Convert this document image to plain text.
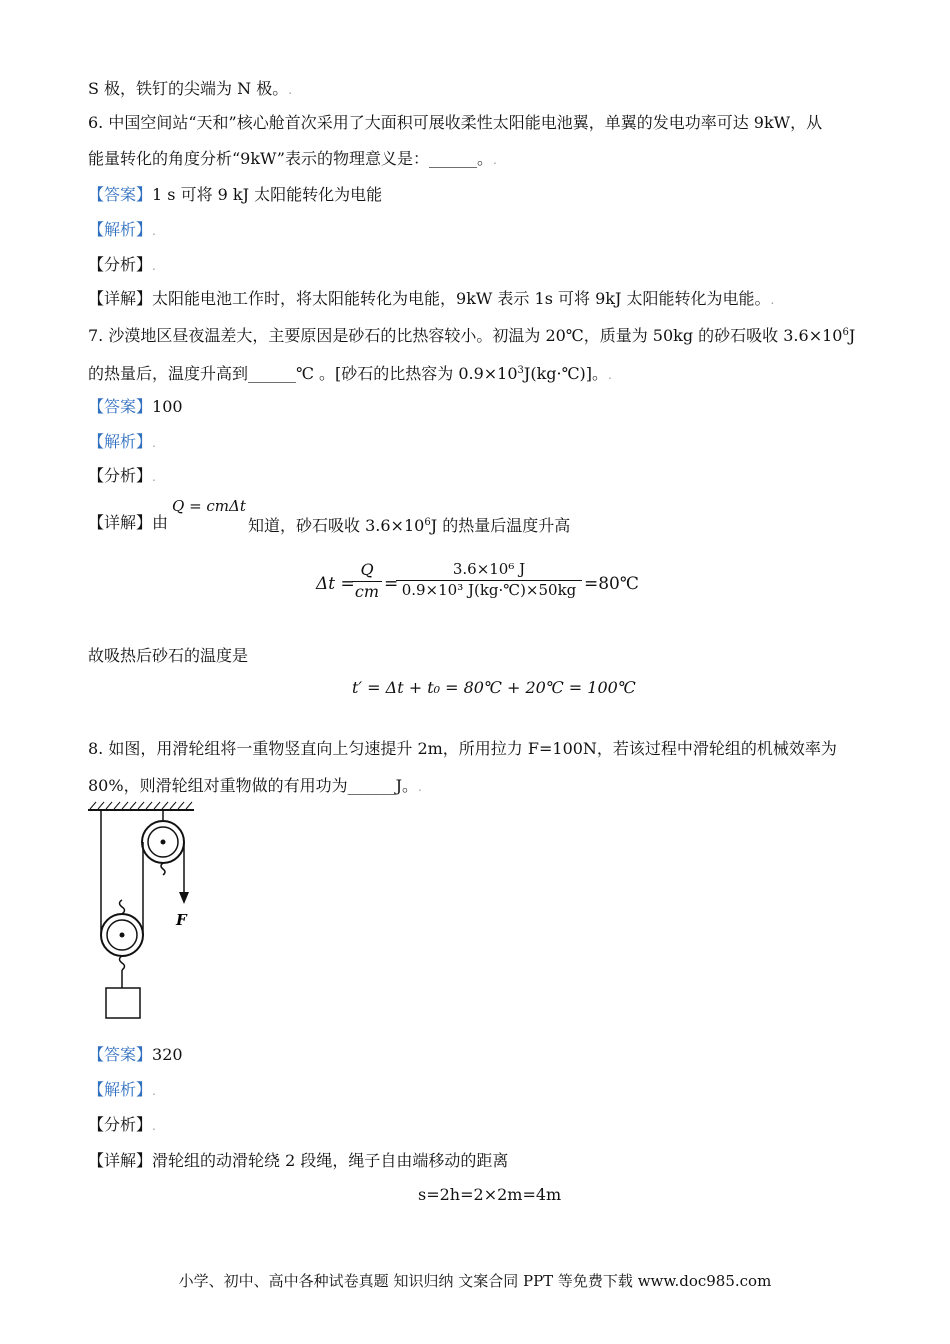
S 极，铁钉的尖端为 N 极。.
6. 中国空间站“天和”核心舱首次采用了大面积可展收柔性太阳能电池翼，单翼的发电功率可达 9kW，从
能量转化的角度分析“9kW”表示的物理意义是：______。.
【答案】1 s 可将 9 kJ 太阳能转化为电能
【解析】.
【分析】.
【详解】太阳能电池工作时，将太阳能转化为电能，9kW 表示 1s 可将 9kJ 太阳能转化为电能。.
7. 沙漠地区昼夜温差大，主要原因是砂石的比热容较小。初温为 20℃，质量为 50kg 的砂石吸收 $3.6\times 10^6J$
的热量后，温度升高到______℃ 。[砂石的比热容为 $0.9\times 10^3J(kg\cdot℃)$]。.
【答案】100
【解析】.
【分析】.
【详解】由
Q = cmΔt
知道，砂石吸收 $3.6\times 10^6J$ 的热量后温度升高
Δt =
$\frac{Q}{cm}$ =
$\frac{\text{3.6×10⁶ J}}{\text{0.9×10³ J(kg·℃)×50kg}}$ =80℃
故吸热后砂石的温度是
t′ = Δt + t₀ = 80℃ + 20℃ = 100℃
8. 如图，用滑轮组将一重物竖直向上匀速提升 2m，所用拉力 F=100N，若该过程中滑轮组的机械效率为
80%，则滑轮组对重物做的有用功为______J。.
F
【答案】320
【解析】.
【分析】.
【详解】滑轮组的动滑轮绕 2 段绳，绳子自由端移动的距离
s=2h=2×2m=4m
小学、初中、高中各种试卷真题 知识归纳 文案合同 PPT 等免费下载 www.doc985.com
